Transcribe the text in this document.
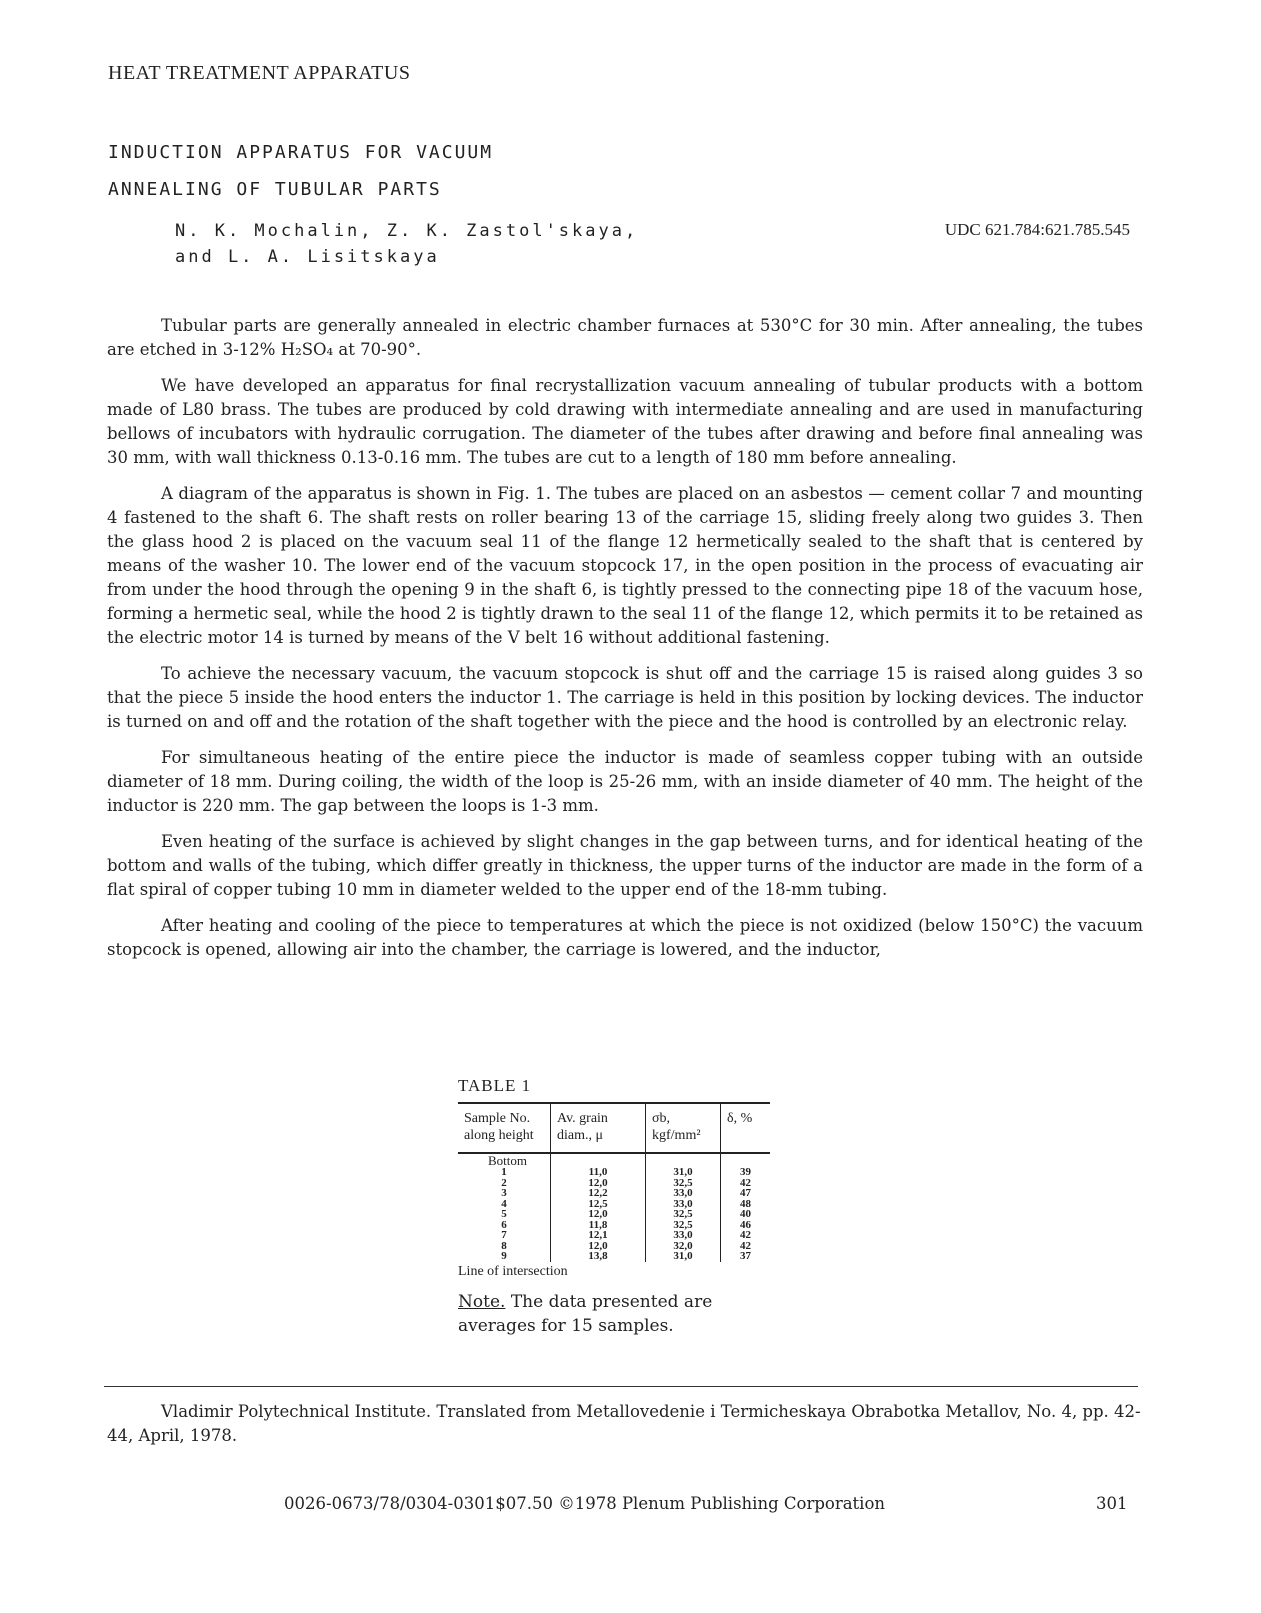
HEAT TREATMENT APPARATUS
INDUCTION APPARATUS FOR VACUUM
ANNEALING OF TUBULAR PARTS
N. K. Mochalin, Z. K. Zastol'skaya,
and L. A. Lisitskaya
UDC 621.784:621.785.545

Tubular parts are generally annealed in electric chamber furnaces at 530°C for 30 min. After annealing, the tubes are etched in 3-12% H₂SO₄ at 70-90°.

We have developed an apparatus for final recrystallization vacuum annealing of tubular products with a bottom made of L80 brass. The tubes are produced by cold drawing with intermediate annealing and are used in manufacturing bellows of incubators with hydraulic corrugation. The diameter of the tubes after drawing and before final annealing was 30 mm, with wall thickness 0.13-0.16 mm. The tubes are cut to a length of 180 mm before annealing.

A diagram of the apparatus is shown in Fig. 1. The tubes are placed on an asbestos — cement collar 7 and mounting 4 fastened to the shaft 6. The shaft rests on roller bearing 13 of the carriage 15, sliding freely along two guides 3. Then the glass hood 2 is placed on the vacuum seal 11 of the flange 12 hermetically sealed to the shaft that is centered by means of the washer 10. The lower end of the vacuum stopcock 17, in the open position in the process of evacuating air from under the hood through the opening 9 in the shaft 6, is tightly pressed to the connecting pipe 18 of the vacuum hose, forming a hermetic seal, while the hood 2 is tightly drawn to the seal 11 of the flange 12, which permits it to be retained as the electric motor 14 is turned by means of the V belt 16 without additional fastening.

To achieve the necessary vacuum, the vacuum stopcock is shut off and the carriage 15 is raised along guides 3 so that the piece 5 inside the hood enters the inductor 1. The carriage is held in this position by locking devices. The inductor is turned on and off and the rotation of the shaft together with the piece and the hood is controlled by an electronic relay.

For simultaneous heating of the entire piece the inductor is made of seamless copper tubing with an outside diameter of 18 mm. During coiling, the width of the loop is 25-26 mm, with an inside diameter of 40 mm. The height of the inductor is 220 mm. The gap between the loops is 1-3 mm.

Even heating of the surface is achieved by slight changes in the gap between turns, and for identical heating of the bottom and walls of the tubing, which differ greatly in thickness, the upper turns of the inductor are made in the form of a flat spiral of copper tubing 10 mm in diameter welded to the upper end of the 18-mm tubing.

After heating and cooling of the piece to temperatures at which the piece is not oxidized (below 150°C) the vacuum stopcock is opened, allowing air into the chamber, the carriage is lowered, and the inductor,

TABLE 1
Sample No. along height	Av. grain diam., μ	σb, kgf/mm²	δ, %
Bottom			
1	11,0	31,0	39
2	12,0	32,5	42
3	12,2	33,0	47
4	12,5	33,0	48
5	12,0	32,5	40
6	11,8	32,5	46
7	12,1	33,0	42
8	12,0	32,0	42
9	13,8	31,0	37
Line of intersection
Note. The data presented are averages for 15 samples.
Vladimir Polytechnical Institute. Translated from Metallovedenie i Termicheskaya Obrabotka Metallov, No. 4, pp. 42-44, April, 1978.
0026-0673/78/0304-0301$07.50 ©1978 Plenum Publishing Corporation	301
